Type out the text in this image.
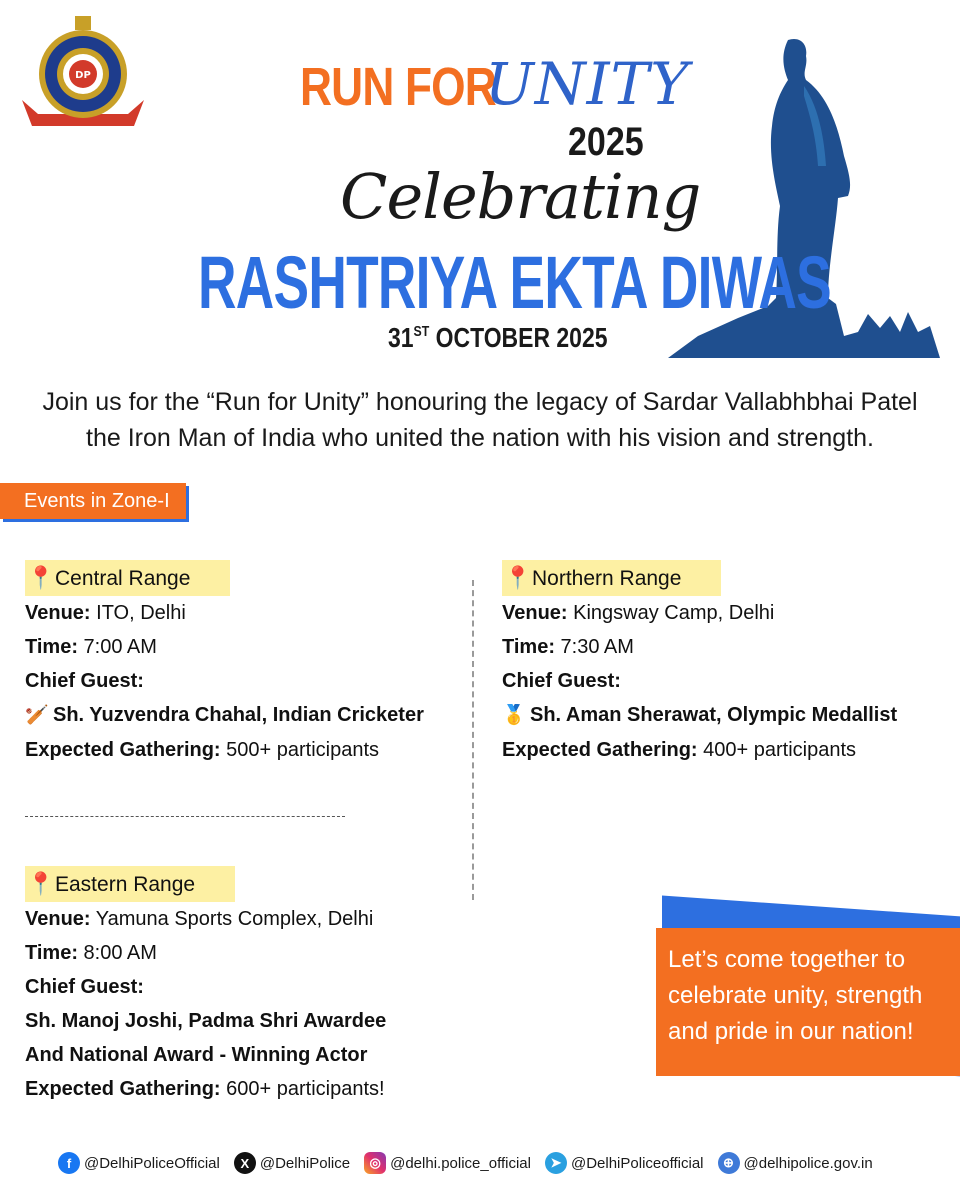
DP	RUN FOR
UNITY
2025
Celebrating
RASHTRIYA EKTA DIWAS
31ST OCTOBER 2025
Join us for the “Run for Unity” honouring the legacy of Sardar Vallabhbhai Patel
the Iron Man of India who united the nation with his vision and strength.
Events in Zone-I
📍Central Range
Venue: ITO, Delhi
Time: 7:00 AM
Chief Guest:
🏏 Sh. Yuzvendra Chahal, Indian Cricketer
Expected Gathering: 500+ participants
📍Northern Range
Venue: Kingsway Camp, Delhi
Time: 7:30 AM
Chief Guest:
🥇 Sh. Aman Sherawat, Olympic Medallist
Expected Gathering: 400+ participants
📍Eastern Range
Venue: Yamuna Sports Complex, Delhi
Time: 8:00 AM
Chief Guest:
Sh. Manoj Joshi, Padma Shri Awardee
And National Award - Winning Actor
Expected Gathering: 600+ participants!
Let’s come together to
celebrate unity, strength
and pride in our nation!
f @DelhiPoliceOfficial	X @DelhiPolice	◎ @delhi.police_official	➤ @DelhiPoliceofficial	⊕ @delhipolice.gov.in
